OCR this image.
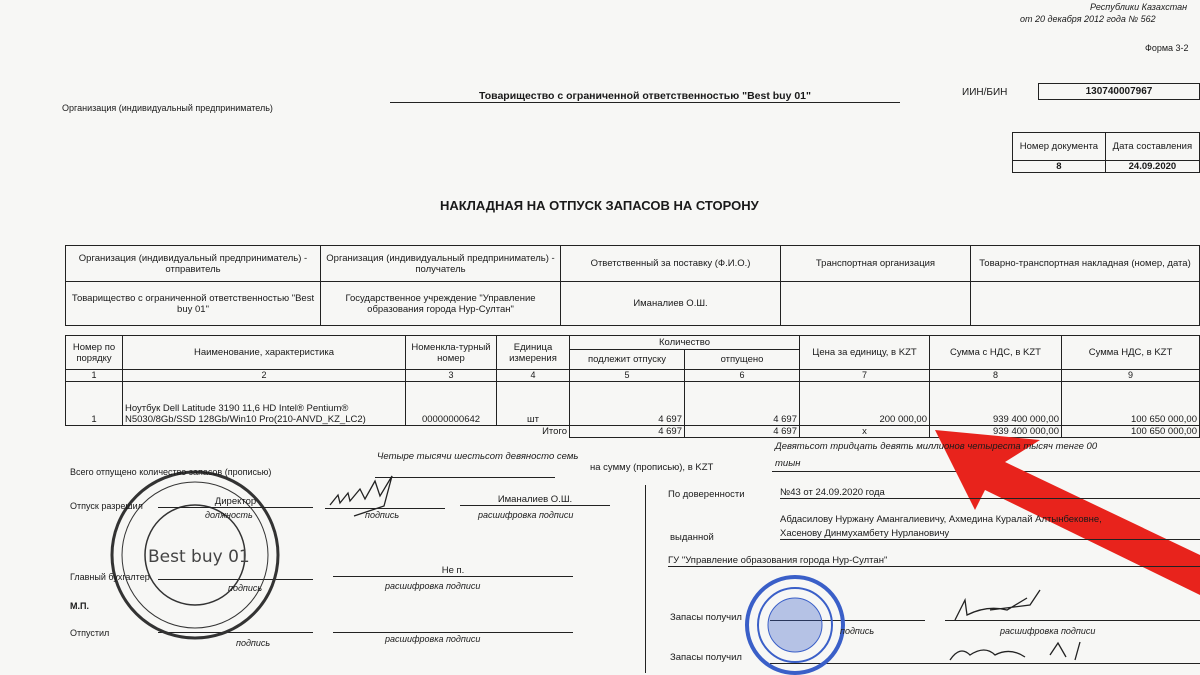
Республики Казахстан
от 20 декабря 2012 года № 562
Форма 3-2
Организация (индивидуальный предприниматель)
Товарищество с ограниченной ответственностью "Best buy 01"	ИИН/БИН	130740007967
Номер документа	Дата составления
8	24.09.2020
НАКЛАДНАЯ НА ОТПУСК ЗАПАСОВ НА СТОРОНУ
Организация (индивидуальный предприниматель) - отправитель	Организация (индивидуальный предприниматель) - получатель	Ответственный за поставку (Ф.И.О.)	Транспортная организация	Товарно-транспортная накладная (номер, дата)
Товарищество с ограниченной ответственностью "Best buy 01"	Государственное учреждение "Управление образования города Нур-Султан"	Иманалиев О.Ш.		
Номер по порядку	Наименование, характеристика	Номенкла-турный номер	Единица измерения	Количество		Цена за единицу, в KZT	Сумма с НДС, в KZT	Сумма НДС, в KZT
				подлежит отпуску	отпущено			
1	2	3	4	5	6	7	8	9
1	Ноутбук Dell Latitude 3190 11,6 HD Intel® Pentium® N5030/8Gb/SSD 128Gb/Win10 Pro(210-ANVD_KZ_LC2)	00000000642	шт	4 697	4 697	200 000,00	939 400 000,00	100 650 000,00
Итого				4 697	4 697	x	939 400 000,00	100 650 000,00
Best buy 01
Всего отпущено количество запасов (прописью)
Четыре тысячи шестьсот девяносто семь
на сумму (прописью), в KZT
Девятьсот тридцать девять миллионов четыреста тысяч тенге 00
тиын
Отпуск разрешил	Директор
должность	подпись
Иманалиев О.Ш.
расшифровка подписи
Главный бухгалтер
подпись
Не п.
расшифровка подписи
М.П.
Отпустил
подпись	расшифровка подписи
По доверенности	№43 от 24.09.2020 года
Абдасилову Нуржану Амангалиевичу, Ахмедина Куралай Алтынбековне,
выданной	Хасенову Динмухамбету Нурлановичу
ГУ "Управление образования города Нур-Султан"
Запасы получил
подпись	расшифровка подписи
Запасы получил
